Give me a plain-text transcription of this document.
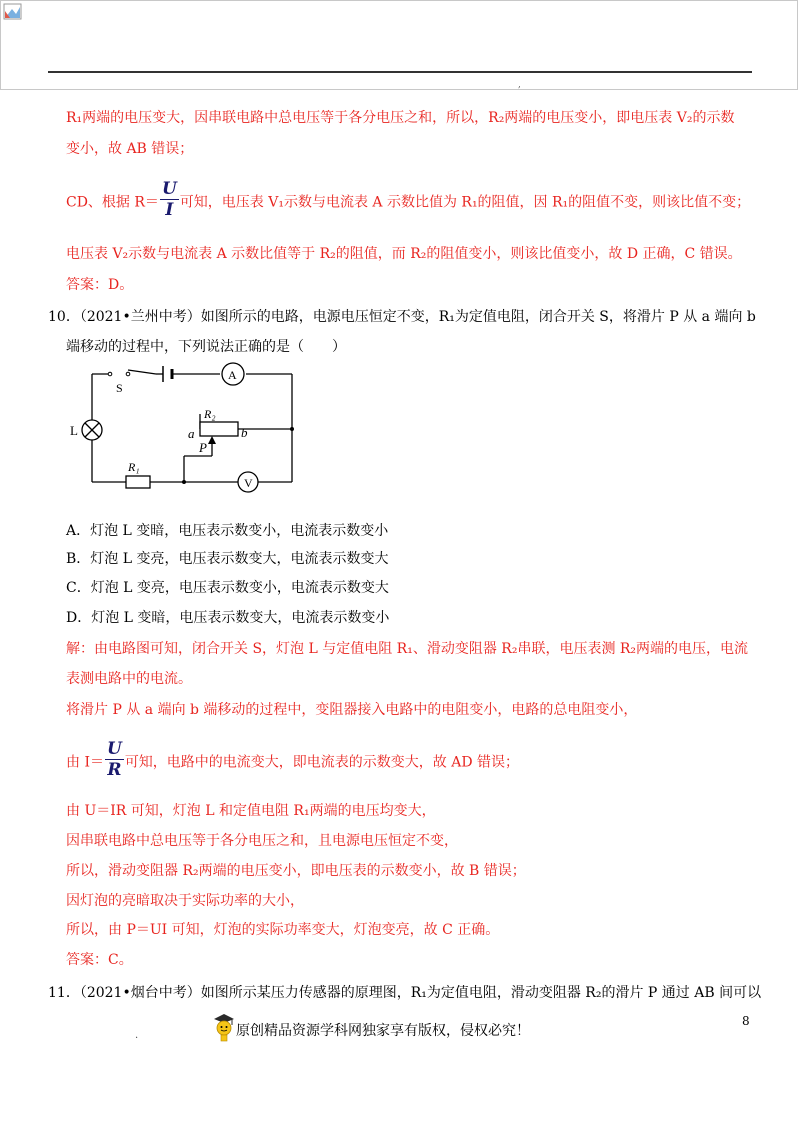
,
R₁两端的电压变大，因串联电路中总电压等于各分电压之和，所以，R₂两端的电压变小，即电压表 V₂的示数
变小，故 AB 错误；
CD、根据 $R= \frac{U}{I}$ 可知，电压表 V₁示数与电流表 A 示数比值为 R₁的阻值，因 R₁的阻值不变，则该比值不变；
电压表 V₂示数与电流表 A 示数比值等于 R₂的阻值，而 R₂的阻值变小，则该比值变小，故 D 正确，C 错误。
答案：D。
10．（2021•兰州中考）如图所示的电路，电源电压恒定不变，R₁为定值电阻，闭合开关 S，将滑片 P 从 a 端向 b
端移动的过程中，下列说法正确的是（　　）
S
A
L
R₂
a	b
P
R₁
V
A．灯泡 L 变暗，电压表示数变小，电流表示数变小
B．灯泡 L 变亮，电压表示数变大，电流表示数变大
C．灯泡 L 变亮，电压表示数变小，电流表示数变大
D．灯泡 L 变暗，电压表示数变大，电流表示数变小
解：由电路图可知，闭合开关 S，灯泡 L 与定值电阻 R₁、滑动变阻器 R₂串联，电压表测 R₂两端的电压，电流
表测电路中的电流。
将滑片 P 从 a 端向 b 端移动的过程中，变阻器接入电路中的电阻变小，电路的总电阻变小，
由 $I= \frac{U}{R}$ 可知，电路中的电流变大，即电流表的示数变大，故 AD 错误；
由 U＝IR 可知，灯泡 L 和定值电阻 R₁两端的电压均变大，
因串联电路中总电压等于各分电压之和，且电源电压恒定不变，
所以，滑动变阻器 R₂两端的电压变小，即电压表的示数变小，故 B 错误；
因灯泡的亮暗取决于实际功率的大小，
所以，由 P＝UI 可知，灯泡的实际功率变大，灯泡变亮，故 C 正确。
答案：C。
11．（2021•烟台中考）如图所示某压力传感器的原理图，R₁为定值电阻，滑动变阻器 R₂的滑片 P 通过 AB 间可以
8
原创精品资源学科网独家享有版权，侵权必究！
.
